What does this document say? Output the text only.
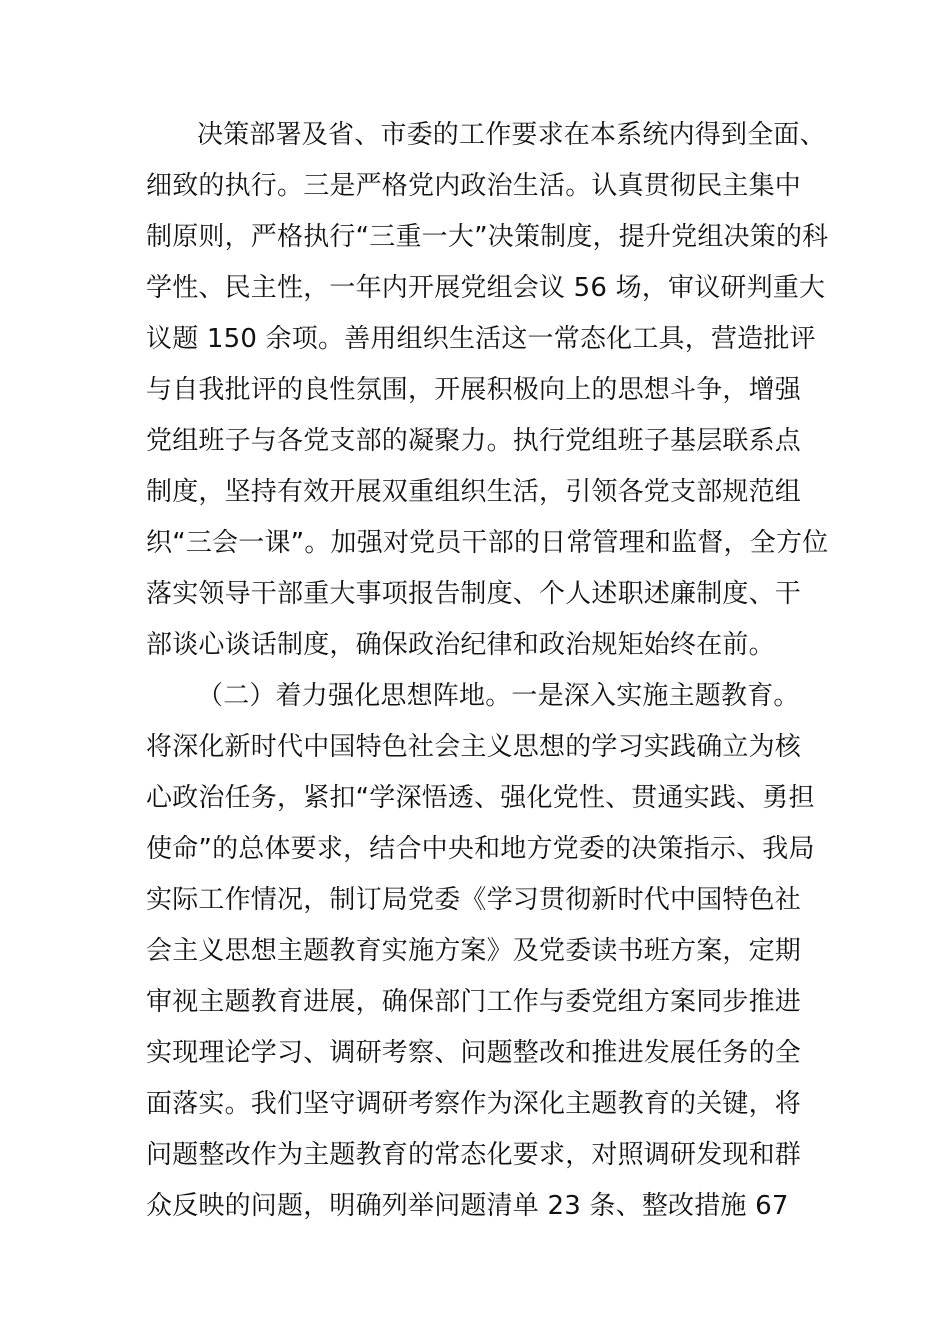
决策部署及省、市委的工作要求在本系统内得到全面、
细致的执行。三是严格党内政治生活。认真贯彻民主集中
制原则，严格执行“三重一大”决策制度，提升党组决策的科
学性、民主性，一年内开展党组会议 56 场，审议研判重大
议题 150 余项。善用组织生活这一常态化工具，营造批评
与自我批评的良性氛围，开展积极向上的思想斗争，增强
党组班子与各党支部的凝聚力。执行党组班子基层联系点
制度，坚持有效开展双重组织生活，引领各党支部规范组
织“三会一课”。加强对党员干部的日常管理和监督，全方位
落实领导干部重大事项报告制度、个人述职述廉制度、干
部谈心谈话制度，确保政治纪律和政治规矩始终在前。
（二）着力强化思想阵地。一是深入实施主题教育。
将深化新时代中国特色社会主义思想的学习实践确立为核
心政治任务，紧扣“学深悟透、强化党性、贯通实践、勇担
使命”的总体要求，结合中央和地方党委的决策指示、我局
实际工作情况，制订局党委《学习贯彻新时代中国特色社
会主义思想主题教育实施方案》及党委读书班方案，定期
审视主题教育进展，确保部门工作与委党组方案同步推进
实现理论学习、调研考察、问题整改和推进发展任务的全
面落实。我们坚守调研考察作为深化主题教育的关键，将
问题整改作为主题教育的常态化要求，对照调研发现和群
众反映的问题，明确列举问题清单 23 条、整改措施 67
